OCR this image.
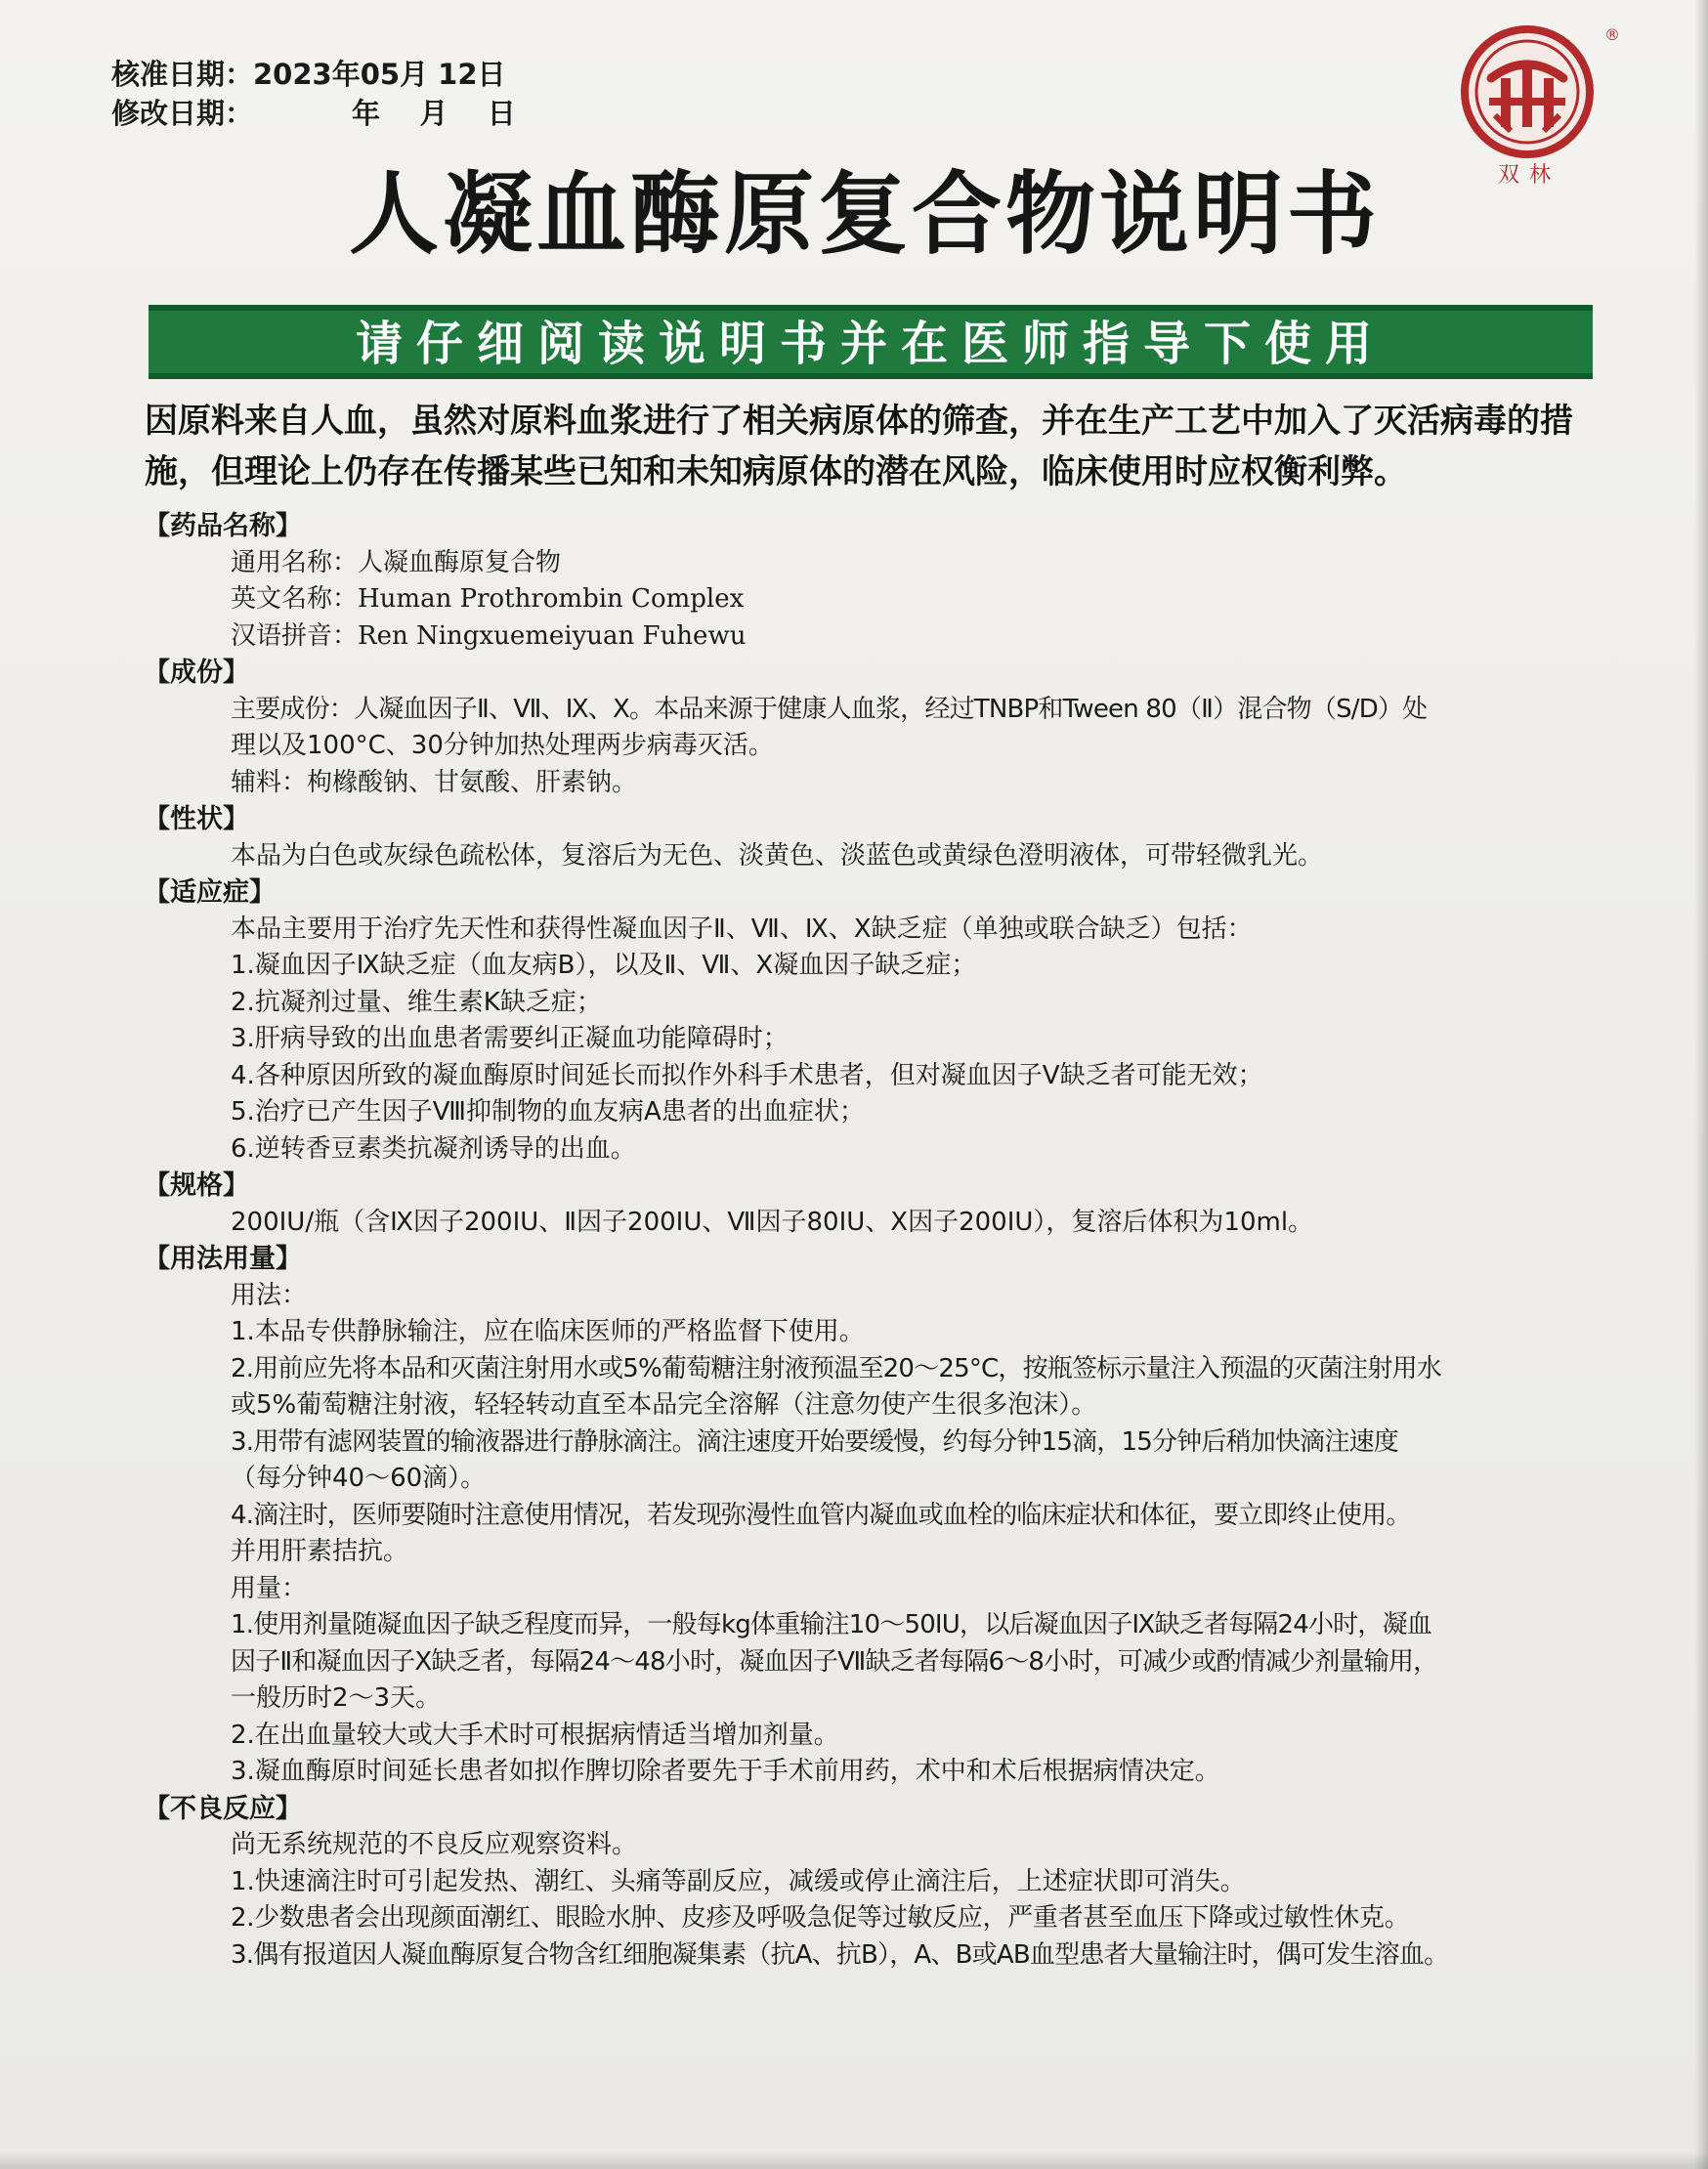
核准日期：2023年05月 12日
修改日期：          年    月    日
®
双林
人凝血酶原复合物说明书
请仔细阅读说明书并在医师指导下使用
因原料来自人血，虽然对原料血浆进行了相关病原体的筛查，并在生产工艺中加入了灭活病毒的措施，但理论上仍存在传播某些已知和未知病原体的潜在风险，临床使用时应权衡利弊。
【药品名称】
通用名称：人凝血酶原复合物
英文名称：Human Prothrombin Complex
汉语拼音：Ren Ningxuemeiyuan Fuhewu
【成份】
主要成份：人凝血因子Ⅱ、Ⅶ、Ⅸ、Ⅹ。本品来源于健康人血浆，经过TNBP和Tween 80（Ⅱ）混合物（S/D）处
理以及100°C、30分钟加热处理两步病毒灭活。
辅料：枸橼酸钠、甘氨酸、肝素钠。
【性状】
本品为白色或灰绿色疏松体，复溶后为无色、淡黄色、淡蓝色或黄绿色澄明液体，可带轻微乳光。
【适应症】
本品主要用于治疗先天性和获得性凝血因子Ⅱ、Ⅶ、Ⅸ、Ⅹ缺乏症（单独或联合缺乏）包括：
1.凝血因子Ⅸ缺乏症（血友病B），以及Ⅱ、Ⅶ、Ⅹ凝血因子缺乏症；
2.抗凝剂过量、维生素K缺乏症；
3.肝病导致的出血患者需要纠正凝血功能障碍时；
4.各种原因所致的凝血酶原时间延长而拟作外科手术患者，但对凝血因子Ⅴ缺乏者可能无效；
5.治疗已产生因子Ⅷ抑制物的血友病A患者的出血症状；
6.逆转香豆素类抗凝剂诱导的出血。
【规格】
200IU/瓶（含Ⅸ因子200IU、Ⅱ因子200IU、Ⅶ因子80IU、Ⅹ因子200IU），复溶后体积为10ml。
【用法用量】
用法：
1.本品专供静脉输注，应在临床医师的严格监督下使用。
2.用前应先将本品和灭菌注射用水或5%葡萄糖注射液预温至20～25°C，按瓶签标示量注入预温的灭菌注射用水
或5%葡萄糖注射液，轻轻转动直至本品完全溶解（注意勿使产生很多泡沫）。
3.用带有滤网装置的输液器进行静脉滴注。滴注速度开始要缓慢，约每分钟15滴，15分钟后稍加快滴注速度
（每分钟40～60滴）。
4.滴注时，医师要随时注意使用情况，若发现弥漫性血管内凝血或血栓的临床症状和体征，要立即终止使用。
并用肝素拮抗。
用量：
1.使用剂量随凝血因子缺乏程度而异，一般每kg体重输注10～50IU，以后凝血因子Ⅸ缺乏者每隔24小时，凝血
因子Ⅱ和凝血因子Ⅹ缺乏者，每隔24～48小时，凝血因子Ⅶ缺乏者每隔6～8小时，可减少或酌情减少剂量输用，
一般历时2～3天。
2.在出血量较大或大手术时可根据病情适当增加剂量。
3.凝血酶原时间延长患者如拟作脾切除者要先于手术前用药，术中和术后根据病情决定。
【不良反应】
尚无系统规范的不良反应观察资料。
1.快速滴注时可引起发热、潮红、头痛等副反应，减缓或停止滴注后，上述症状即可消失。
2.少数患者会出现颜面潮红、眼睑水肿、皮疹及呼吸急促等过敏反应，严重者甚至血压下降或过敏性休克。
3.偶有报道因人凝血酶原复合物含红细胞凝集素（抗A、抗B），A、B或AB血型患者大量输注时，偶可发生溶血。
